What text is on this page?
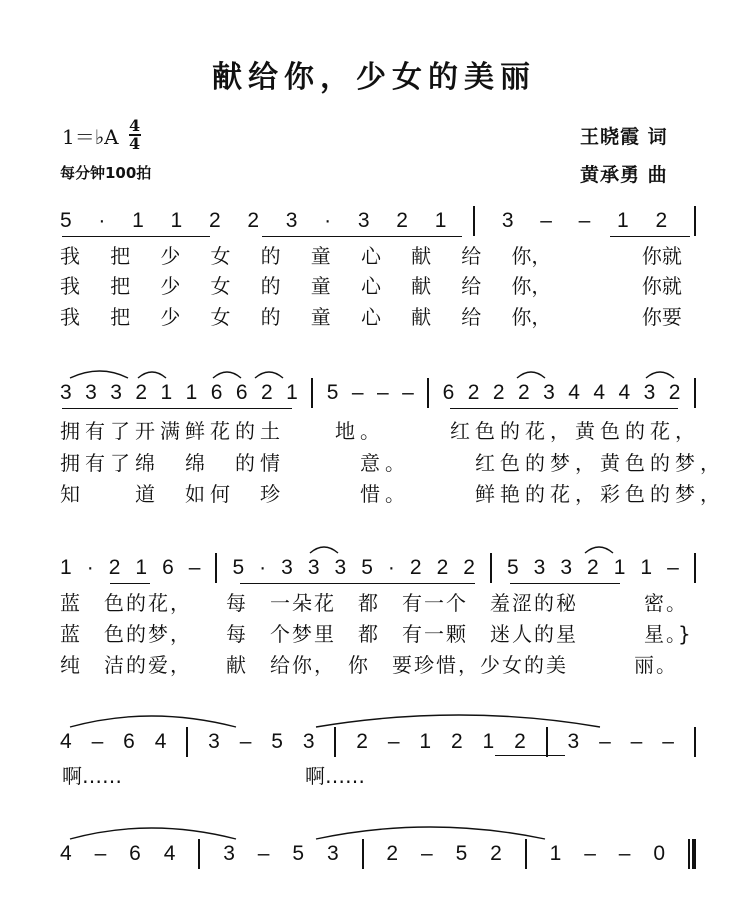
献给你，少女的美丽
1＝♭A $\frac{4}{4}$
每分钟100拍
王晓霞 词
黄承勇 曲
5 · 1 1 2 2 3 · 3 2 1	3 – – 1 2
我 把 少 女 的 童 心 献 给 你，	你就
我 把 少 女 的 童 心 献 给 你，	你就
我 把 少 女 的 童 心 献 给 你，	你要
3 3 3 2 1 1 6 6 2 1 5 – – – 6 2 2 2 3 4 4 4 3 2
拥有了开满鲜花的土　　地。　　　红色的花，黄色的花，
拥有了绵　绵　的情　　　意。　　　红色的梦，黄色的梦，
知　　道　如何　珍　　　惜。　　　鲜艳的花，彩色的梦，
1 · 2 1 6 – 5 · 3 3 3 5 · 2 2 2 5 3 3 2 1 1 –
蓝　色的花，　　每　一朵花　都　有一个　羞涩的秘　　　密。
蓝　色的梦，　　每　个梦里　都　有一颗　迷人的星　　　星。}
纯　洁的爱，　　献　给你，　你　要珍惜，少女的美　　　丽。
4 – 6 4 3 – 5 3 2 – 1 2 1 2 3 – – –
啊……	啊……
4 – 6 4 3 – 5 3 2 – 5 2 1 – – 0
